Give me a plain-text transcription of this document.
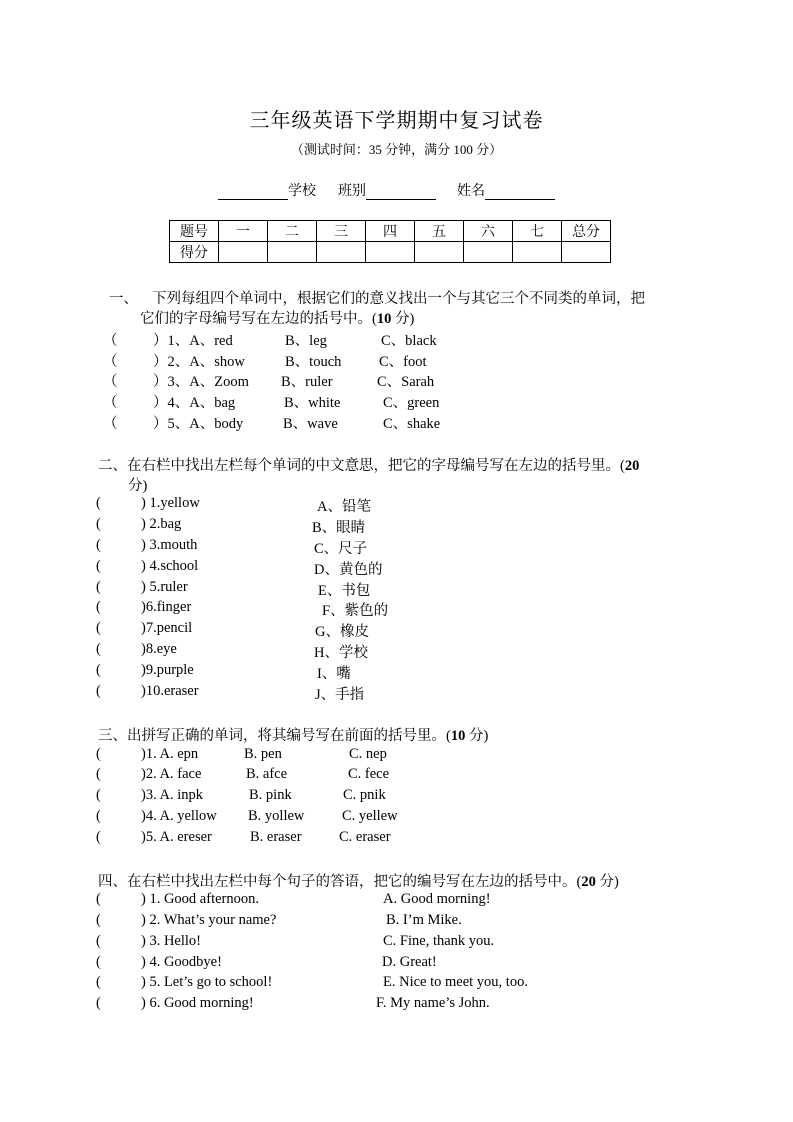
三年级英语下学期期中复习试卷
（测试时间：35 分钟，满分 100 分）
学校 班别	姓名
题号	一	二	三	四	五	六	七	总分
得分								
一、 下列每组四个单词中，根据它们的意义找出一个与其它三个不同类的单词，把
它们的字母编号写在左边的括号中。(10 分)
（ ）1、A、red	B、leg	C、black
（ ）2、A、show	B、touch	C、foot
（ ）3、A、Zoom B、ruler	C、Sarah
（ ）4、A、bag	B、white	C、green
（ ）5、A、body	B、wave	C、shake
二、在右栏中找出左栏每个单词的中文意思，把它的字母编号写在左边的括号里。(20
分)
(	) 1.yellow	A、铅笔
(	) 2.bag	B、眼睛
(	) 3.mouth	C、尺子
(	) 4.school	D、黄色的
(	) 5.ruler	E、书包
(	)6.finger	F、紫色的
(	)7.pencil	G、橡皮
(	)8.eye	H、学校
(	)9.purple	I、嘴
(	)10.eraser	J、手指
三、出拼写正确的单词，将其编号写在前面的括号里。(10 分)
(	)1. A. epn	B. pen	C. nep
(	)2. A. face	B. afce	C. fece
(	)3. A. inpk	B. pink	C. pnik
(	)4. A. yellow B. yollew	C. yellew
(	)5. A. ereser	B. eraser	C. eraser
四、在右栏中找出左栏中每个句子的答语，把它的编号写在左边的括号中。(20 分)
(	) 1. Good afternoon.	A. Good morning!
(	) 2. What’s your name?	B. I’m Mike.
(	) 3. Hello!	C. Fine, thank you.
(	) 4. Goodbye!	D. Great!
(	) 5. Let’s go to school!	E. Nice to meet you, too.
(	) 6. Good morning!	F. My name’s John.
